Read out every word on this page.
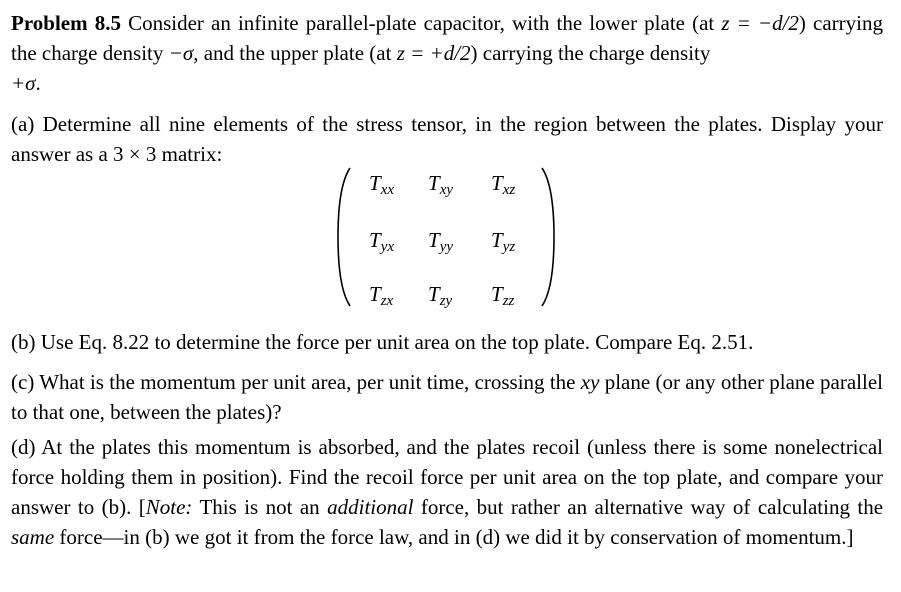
Problem 8.5 Consider an infinite parallel-plate capacitor, with the lower plate (at z = −d/2) carrying the charge density −σ, and the upper plate (at z = +d/2) carrying the charge density
+σ.

(a) Determine all nine elements of the stress tensor, in the region between the plates. Display your answer as a 3 × 3 matrix:

$T_{xx}$ $T_{xy}$ $T_{xz}$
$T_{yx}$ $T_{yy}$ $T_{yz}$
$T_{zx}$ $T_{zy}$ $T_{zz}$

(b) Use Eq. 8.22 to determine the force per unit area on the top plate. Compare Eq. 2.51.

(c) What is the momentum per unit area, per unit time, crossing the xy plane (or any other plane parallel to that one, between the plates)?

(d) At the plates this momentum is absorbed, and the plates recoil (unless there is some nonelectrical force holding them in position). Find the recoil force per unit area on the top plate, and compare your answer to (b). [Note: This is not an additional force, but rather an alternative way of calculating the same force—in (b) we got it from the force law, and in (d) we did it by conservation of momentum.]
